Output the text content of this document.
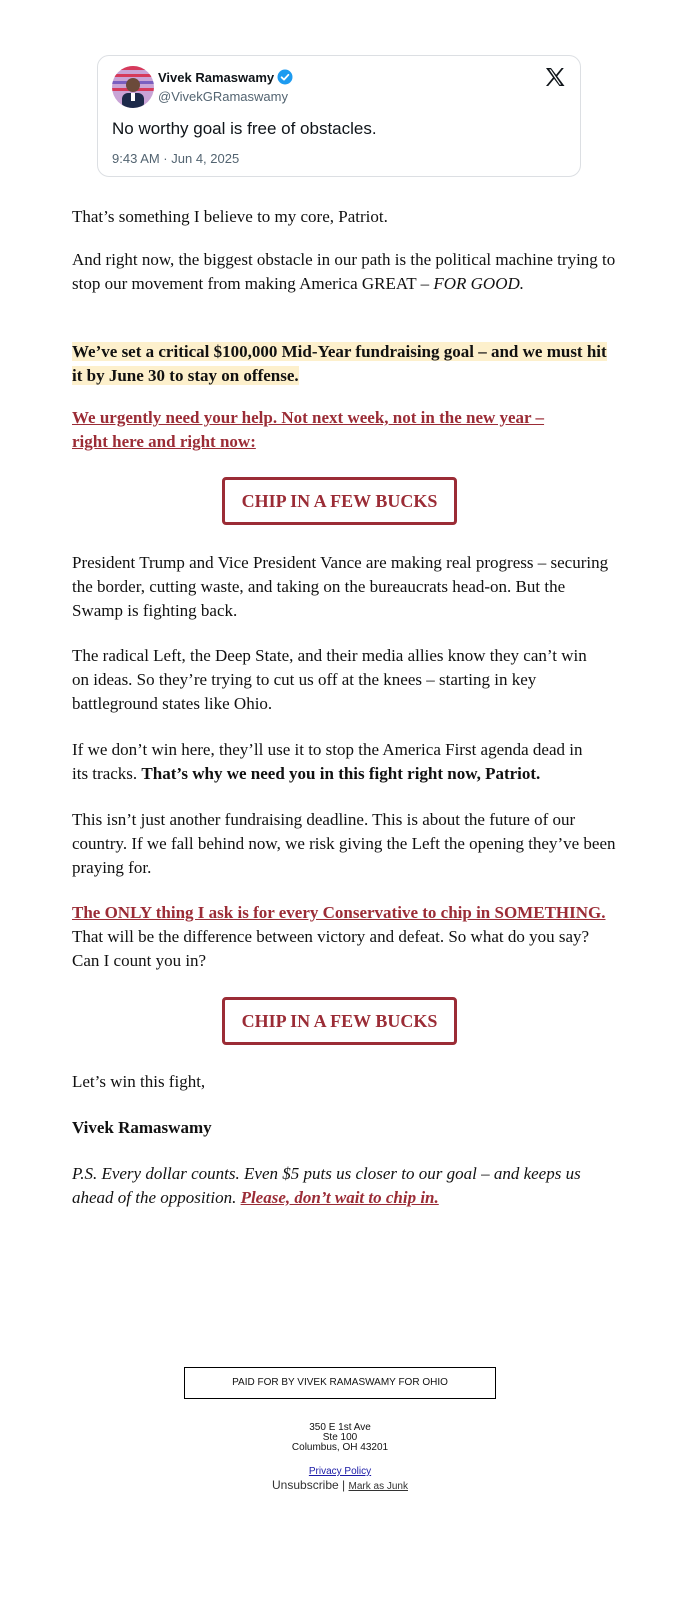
Vivek Ramaswamy
@VivekGRamaswamy
No worthy goal is free of obstacles.
9:43 AM · Jun 4, 2025

That’s something I believe to my core, Patriot.

And right now, the biggest obstacle in our path is the political machine trying to stop our movement from making America GREAT – FOR GOOD.

We’ve set a critical $100,000 Mid-Year fundraising goal – and we must hit it by June 30 to stay on offense.

We urgently need your help. Not next week, not in the new year – right here and right now:

CHIP IN A FEW BUCKS

President Trump and Vice President Vance are making real progress – securing the border, cutting waste, and taking on the bureaucrats head-on. But the Swamp is fighting back.

The radical Left, the Deep State, and their media allies know they can’t win on ideas. So they’re trying to cut us off at the knees – starting in key battleground states like Ohio.

If we don’t win here, they’ll use it to stop the America First agenda dead in its tracks. That’s why we need you in this fight right now, Patriot.

This isn’t just another fundraising deadline. This is about the future of our country. If we fall behind now, we risk giving the Left the opening they’ve been praying for.

The ONLY thing I ask is for every Conservative to chip in SOMETHING. That will be the difference between victory and defeat. So what do you say? Can I count you in?

CHIP IN A FEW BUCKS

Let’s win this fight,

Vivek Ramaswamy

P.S. Every dollar counts. Even $5 puts us closer to our goal – and keeps us ahead of the opposition. Please, don’t wait to chip in.

PAID FOR BY VIVEK RAMASWAMY FOR OHIO
350 E 1st Ave
Ste 100
Columbus, OH 43201
Privacy Policy
Unsubscribe | Mark as Junk
